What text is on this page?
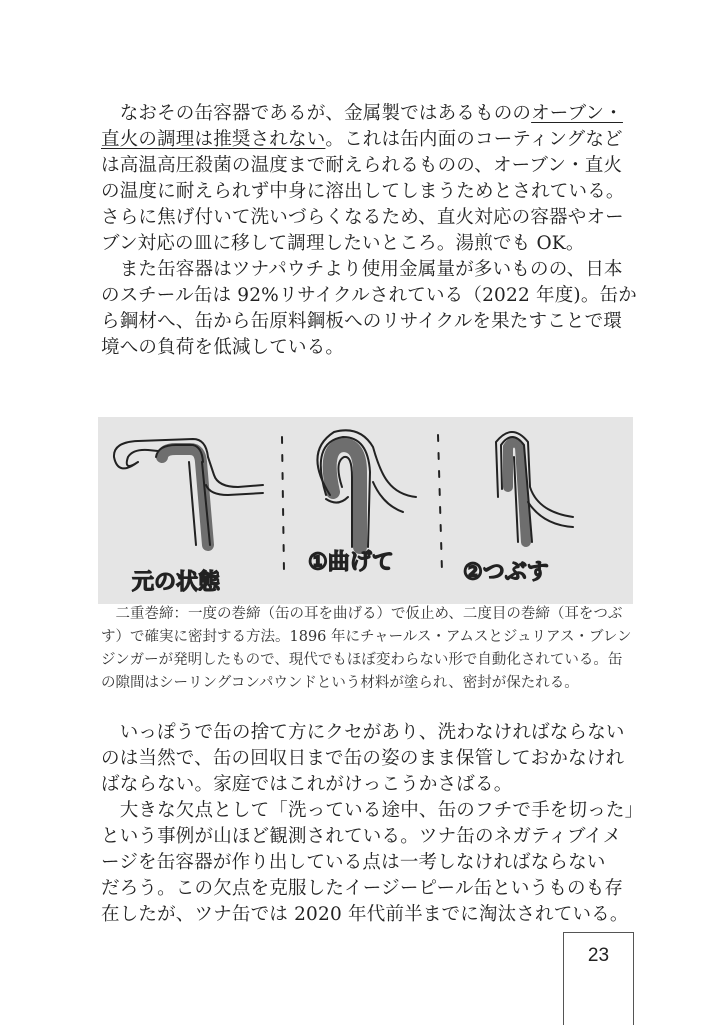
　なおその缶容器であるが、金属製ではあるもののオーブン・
直火の調理は推奨されない。これは缶内面のコーティングなど
は高温高圧殺菌の温度まで耐えられるものの、オーブン・直火
の温度に耐えられず中身に溶出してしまうためとされている。
さらに焦げ付いて洗いづらくなるため、直火対応の容器やオー
ブン対応の皿に移して調理したいところ。湯煎でも OK。
　また缶容器はツナパウチより使用金属量が多いものの、日本
のスチール缶は 92%リサイクルされている（2022 年度)。缶か
ら鋼材へ、缶から缶原料鋼板へのリサイクルを果たすことで環
境への負荷を低減している。
元の状態
①曲げて	②つぶす
　二重巻締：一度の巻締（缶の耳を曲げる）で仮止め、二度目の巻締（耳をつぶ
す）で確実に密封する方法。1896 年にチャールス・アムスとジュリアス・ブレン
ジンガーが発明したもので、現代でもほぼ変わらない形で自動化されている。缶
の隙間はシーリングコンパウンドという材料が塗られ、密封が保たれる。
　いっぽうで缶の捨て方にクセがあり、洗わなければならない
のは当然で、缶の回収日まで缶の姿のまま保管しておかなけれ
ばならない。家庭ではこれがけっこうかさばる。
　大きな欠点として「洗っている途中、缶のフチで手を切った」
という事例が山ほど観測されている。ツナ缶のネガティブイメ
ージを缶容器が作り出している点は一考しなければならない
だろう。この欠点を克服したイージーピール缶というものも存
在したが、ツナ缶では 2020 年代前半までに淘汰されている。
23
